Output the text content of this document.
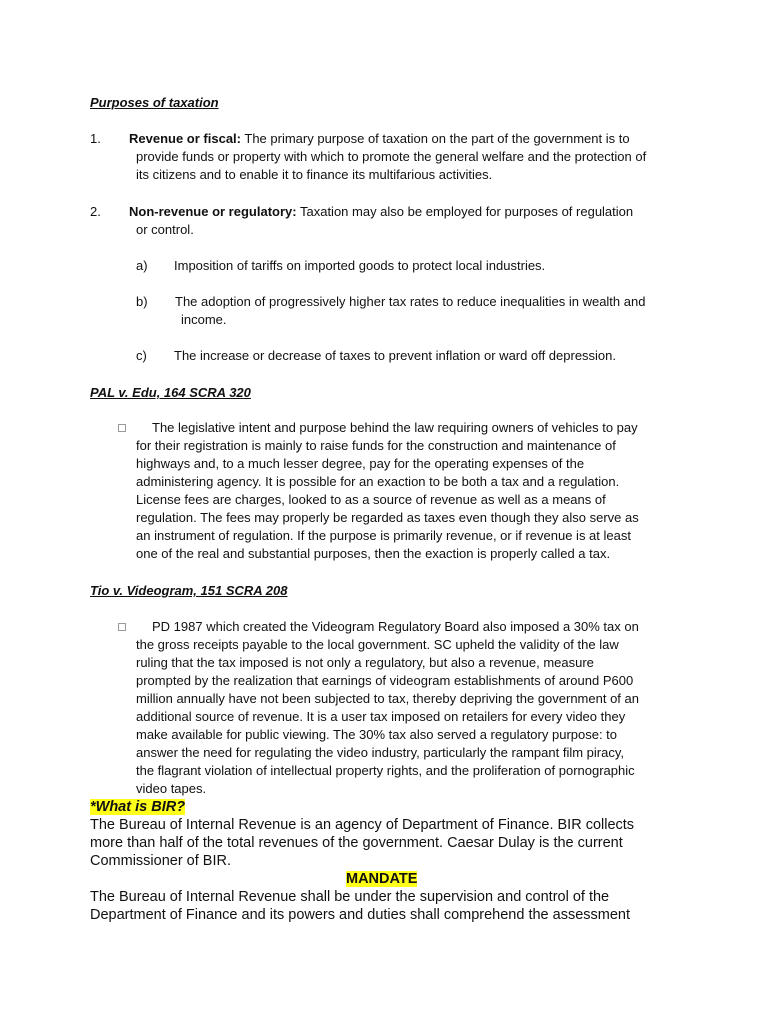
Purposes of taxation
1. Revenue or fiscal: The primary purpose of taxation on the part of the government is to
provide funds or property with which to promote the general welfare and the protection of
its citizens and to enable it to finance its multifarious activities.
2. Non-revenue or regulatory: Taxation may also be employed for purposes of regulation
or control.
a) Imposition of tariffs on imported goods to protect local industries.
b) The adoption of progressively higher tax rates to reduce inequalities in wealth and
income.
c) The increase or decrease of taxes to prevent inflation or ward off depression.
PAL v. Edu, 164 SCRA 320
The legislative intent and purpose behind the law requiring owners of vehicles to pay
for their registration is mainly to raise funds for the construction and maintenance of
highways and, to a much lesser degree, pay for the operating expenses of the
administering agency. It is possible for an exaction to be both a tax and a regulation.
License fees are charges, looked to as a source of revenue as well as a means of
regulation. The fees may properly be regarded as taxes even though they also serve as
an instrument of regulation. If the purpose is primarily revenue, or if revenue is at least
one of the real and substantial purposes, then the exaction is properly called a tax.
Tio v. Videogram, 151 SCRA 208
PD 1987 which created the Videogram Regulatory Board also imposed a 30% tax on
the gross receipts payable to the local government. SC upheld the validity of the law
ruling that the tax imposed is not only a regulatory, but also a revenue, measure
prompted by the realization that earnings of videogram establishments of around P600
million annually have not been subjected to tax, thereby depriving the government of an
additional source of revenue. It is a user tax imposed on retailers for every video they
make available for public viewing. The 30% tax also served a regulatory purpose: to
answer the need for regulating the video industry, particularly the rampant film piracy,
the flagrant violation of intellectual property rights, and the proliferation of pornographic
video tapes.
*What is BIR?
The Bureau of Internal Revenue is an agency of Department of Finance. BIR collects
more than half of the total revenues of the government. Caesar Dulay is the current
Commissioner of BIR.
MANDATE
The Bureau of Internal Revenue shall be under the supervision and control of the
Department of Finance and its powers and duties shall comprehend the assessment
